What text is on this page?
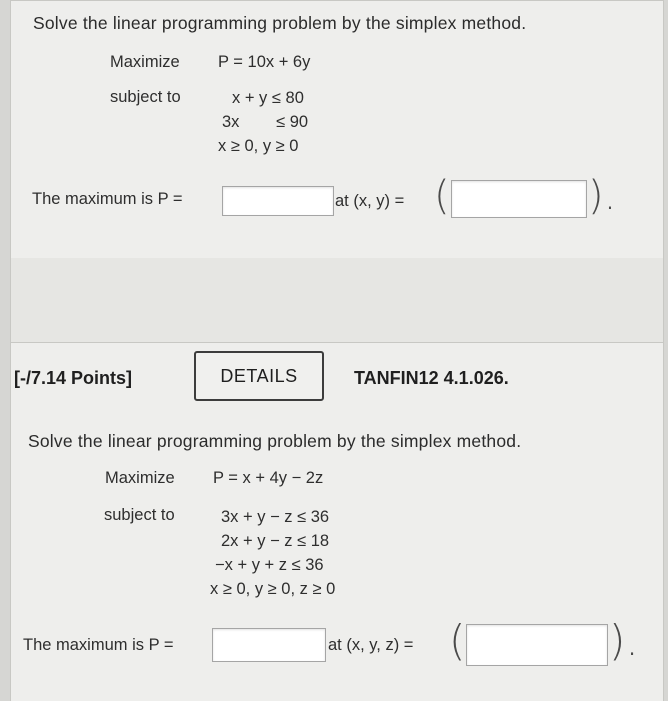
Solve the linear programming problem by the simplex method.
Maximize P = 10x + 6y
subject to	x + y ≤ 80
3x        ≤ 90
x ≥ 0, y ≥ 0
The maximum is P =	at (x, y) = (	).
[-/7.14 Points]	DETAILS	TANFIN12 4.1.026.
Solve the linear programming problem by the simplex method.
Maximize P = x + 4y − 2z
subject to	3x + y − z ≤ 36
2x + y − z ≤ 18
−x + y + z ≤ 36
x ≥ 0, y ≥ 0, z ≥ 0
The maximum is P =	at (x, y, z) = (	).
